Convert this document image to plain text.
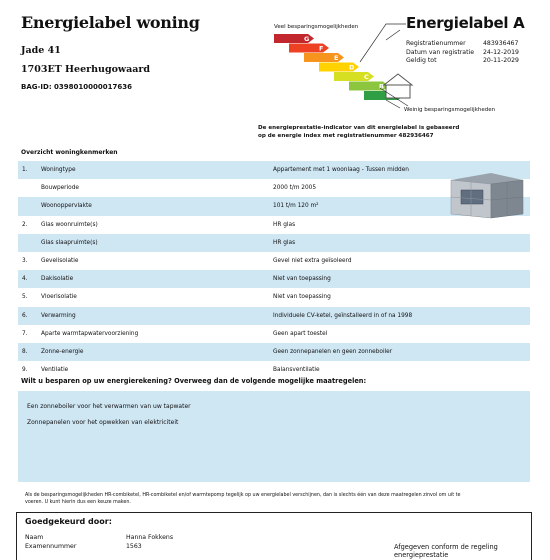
Energielabel woning
Jade 41
1703ET Heerhugowaard
BAG-ID: 0398010000017636
Energielabel A
Veel besparingsmogelijkheden
G
F
E
D
C
B
Weinig besparingsmogelijkheden
Registratienummer	483936467
Datum van registratie	24-12-2019
Geldig tot	20-11-2029
De energieprestatie-indicator van dit energielabel is gebaseerd
op de energie index met registratienummer 482936467
Overzicht woningkenmerken
1.	Woningtype	Appartement met 1 woonlaag - Tussen midden
Bouwperiode	2000 t/m 2005
Woonoppervlakte	101 t/m 120 m²
2.	Glas woonruimte(s)	HR glas
Glas slaapruimte(s)	HR glas
3.	Gevelisolatie	Gevel niet extra geïsoleerd
4.	Dakisolatie	Niet van toepassing
5.	Vloerisolatie	Niet van toepassing
6.	Verwarming	Individuele CV-ketel, geïnstalleerd in of na 1998
7.	Aparte warmtapwatervoorziening	Geen apart toestel
8.	Zonne-energie	Geen zonnepanelen en geen zonneboiler
9.	Ventilatie	Balansventilatie
Wilt u besparen op uw energierekening? Overweeg dan de volgende mogelijke maatregelen:
Een zonneboiler voor het verwarmen van uw tapwater
Zonnepanelen voor het opwekken van elektriciteit
Als de besparingsmogelijkheden HR-combiketel, HR-combiketel en/of warmtepomp tegelijk op uw energielabel verschijnen, dan is slechts één van deze maatregelen zinvol om uit te
voeren. U kunt hierin dus een keuze maken.
Goedgekeurd door:
Naam	Hanna Fokkens
Examennummer	1563	Afgegeven conform de regeling energieprestatie
